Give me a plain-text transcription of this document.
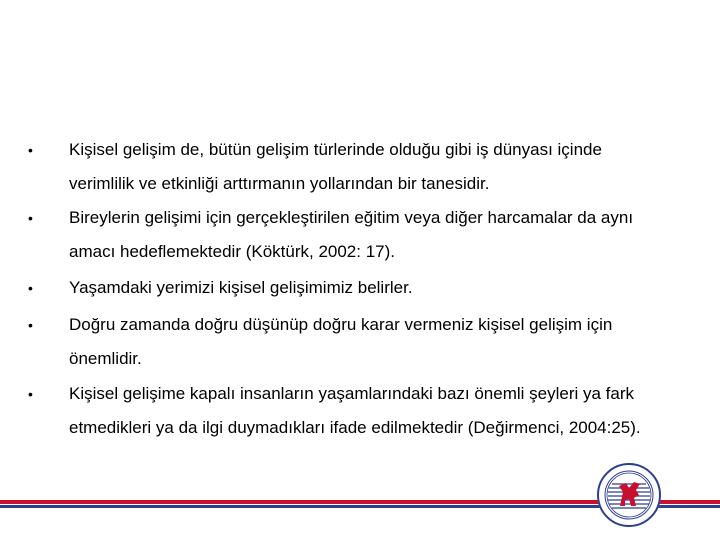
• Kişisel gelişim de, bütün gelişim türlerinde olduğu gibi iş dünyası içinde
verimlilik ve etkinliği arttırmanın yollarından bir tanesidir.
• Bireylerin gelişimi için gerçekleştirilen eğitim veya diğer harcamalar da aynı
amacı hedeflemektedir (Köktürk, 2002: 17).
• Yaşamdaki yerimizi kişisel gelişimimiz belirler.
• Doğru zamanda doğru düşünüp doğru karar vermeniz kişisel gelişim için
önemlidir.
• Kişisel gelişime kapalı insanların yaşamlarındaki bazı önemli şeyleri ya fark
etmedikleri ya da ilgi duymadıkları ifade edilmektedir (Değirmenci, 2004:25).
